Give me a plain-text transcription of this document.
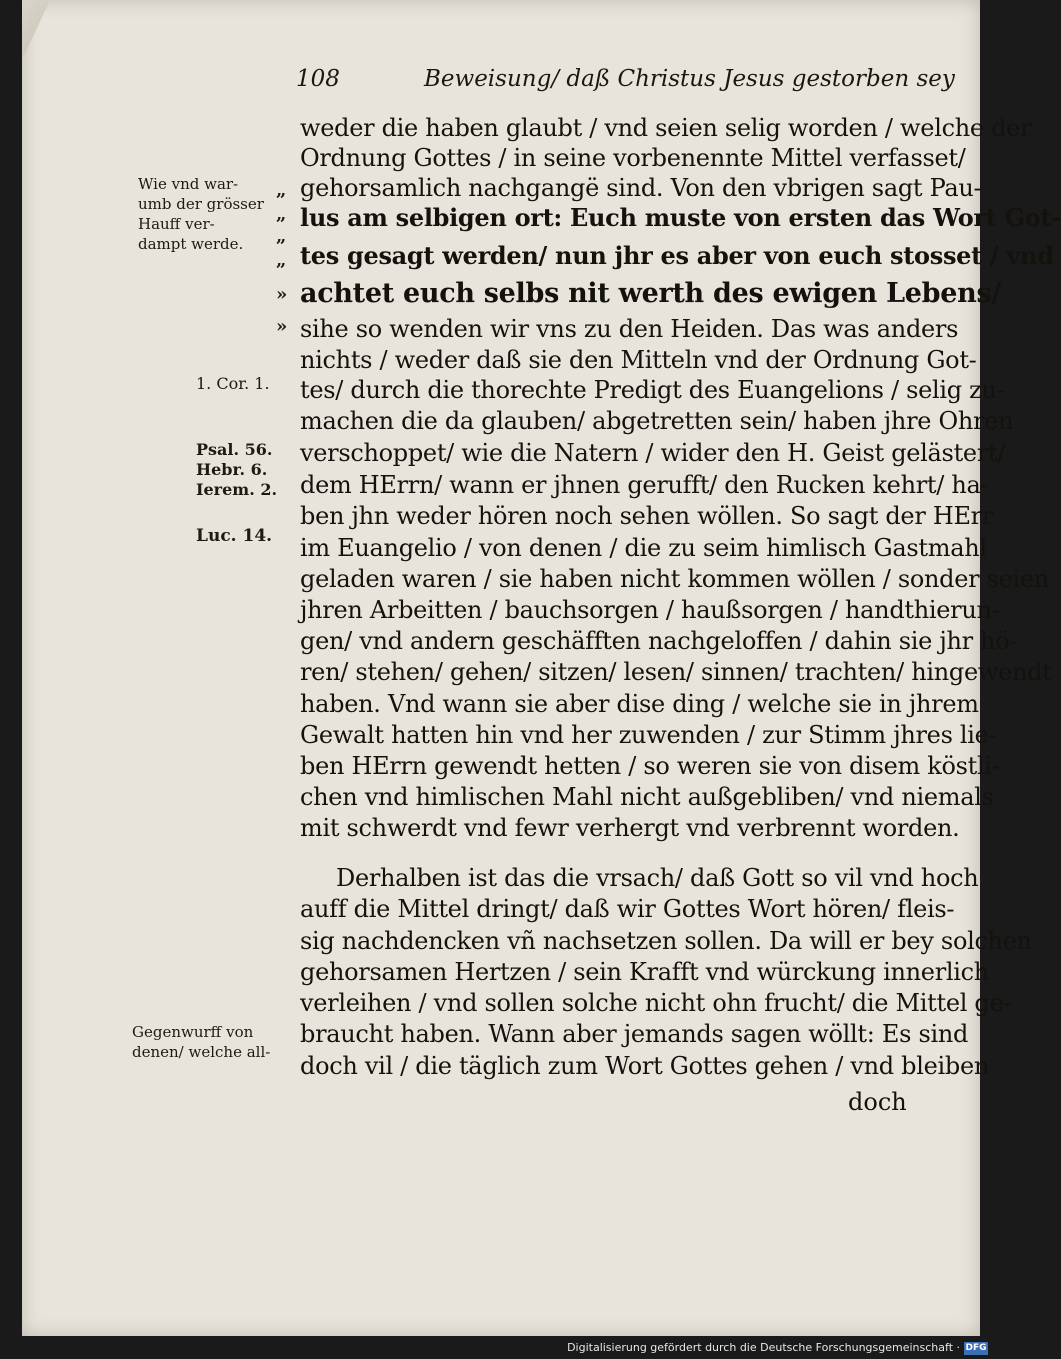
108	Beweisung/ daß Christus Jesus gestorben sey
weder die haben glaubt / vnd seien selig worden / welche der
Ordnung Gottes / in seine vorbenennte Mittel verfasset/
gehorsamlich nachgangë sind. Von den vbrigen sagt Pau-
lus am selbigen ort: Euch muste von ersten das Wort Got-
tes gesagt werden/ nun jhr es aber von euch stosset / vnd
achtet euch selbs nit werth des ewigen Lebens/
sihe so wenden wir vns zu den Heiden. Das was anders
nichts / weder daß sie den Mitteln vnd der Ordnung Got-
tes/ durch die thorechte Predigt des Euangelions / selig zu-
machen die da glauben/ abgetretten sein/ haben jhre Ohren
verschoppet/ wie die Natern / wider den H. Geist gelästert/
dem HErrn/ wann er jhnen gerufft/ den Rucken kehrt/ ha-
ben jhn weder hören noch sehen wöllen. So sagt der HErr
im Euangelio / von denen / die zu seim himlisch Gastmahl
geladen waren / sie haben nicht kommen wöllen / sonder seien
jhren Arbeitten / bauchsorgen / haußsorgen / handthierun-
gen/ vnd andern geschäfften nachgeloffen / dahin sie jhr hö-
ren/ stehen/ gehen/ sitzen/ lesen/ sinnen/ trachten/ hingewendt
haben. Vnd wann sie aber dise ding / welche sie in jhrem
Gewalt hatten hin vnd her zuwenden / zur Stimm jhres lie-
ben HErrn gewendt hetten / so weren sie von disem köstli-
chen vnd himlischen Mahl nicht außgebliben/ vnd niemals
mit schwerdt vnd fewr verhergt vnd verbrennt worden.
Derhalben ist das die vrsach/ daß Gott so vil vnd hoch
auff die Mittel dringt/ daß wir Gottes Wort hören/ fleis-
sig nachdencken vñ nachsetzen sollen. Da will er bey solchen
gehorsamen Hertzen / sein Krafft vnd würckung innerlich
verleihen / vnd sollen solche nicht ohn frucht/ die Mittel ge-
braucht haben. Wann aber jemands sagen wöllt: Es sind
doch vil / die täglich zum Wort Gottes gehen / vnd bleiben
doch
„
„
„
„
»
»
Wie vnd war-
umb der grösser
Hauff ver-
dampt werde.
1. Cor. 1.
Psal. 56.
Hebr. 6.
Ierem. 2.
Luc. 14.
Gegenwurff von
denen/ welche all-
Digitalisierung gefördert durch die Deutsche Forschungsgemeinschaft · DFG
